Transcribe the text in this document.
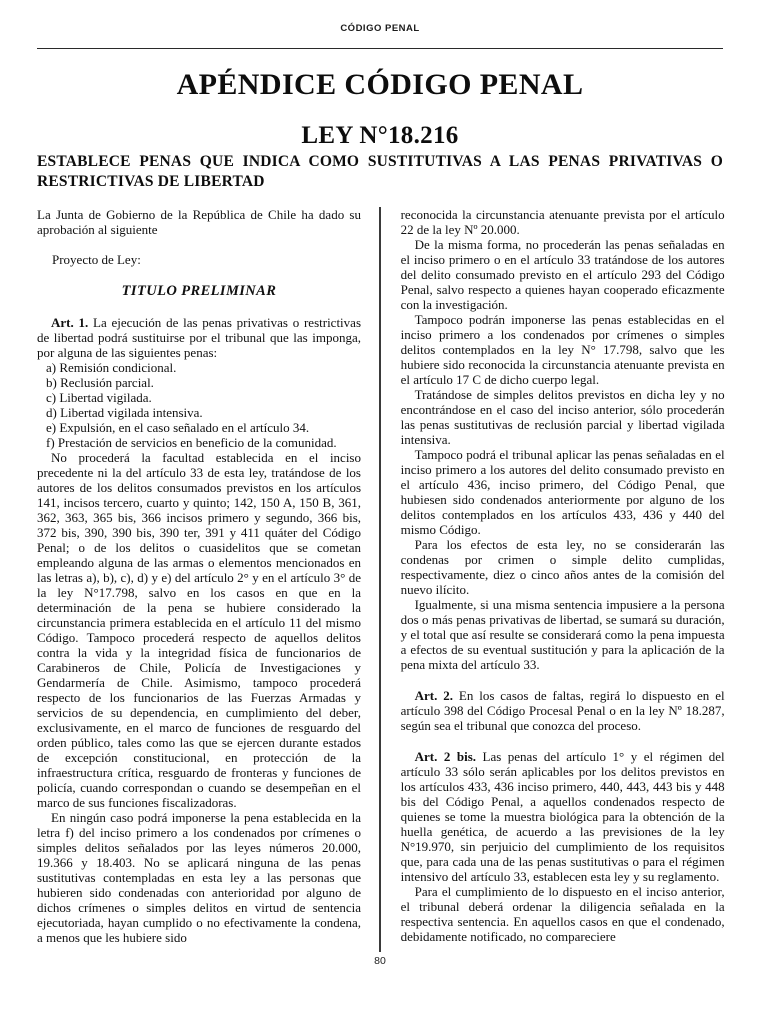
CÓDIGO PENAL
APÉNDICE CÓDIGO PENAL
LEY N°18.216
ESTABLECE PENAS QUE INDICA COMO SUSTITUTIVAS A LAS PENAS PRIVATIVAS O RESTRICTIVAS DE LIBERTAD

La Junta de Gobierno de la República de Chile ha dado su aprobación al siguiente

Proyecto de Ley:

TITULO PRELIMINAR

Art. 1. La ejecución de las penas privativas o restrictivas de libertad podrá sustituirse por el tribunal que las imponga, por alguna de las siguientes penas:

a) Remisión condicional.

b) Reclusión parcial.

c) Libertad vigilada.

d) Libertad vigilada intensiva.

e) Expulsión, en el caso señalado en el artículo 34.

f) Prestación de servicios en beneficio de la comunidad.

No procederá la facultad establecida en el inciso precedente ni la del artículo 33 de esta ley, tratándose de los autores de los delitos consumados previstos en los artículos 141, incisos tercero, cuarto y quinto; 142, 150 A, 150 B, 361, 362, 363, 365 bis, 366 incisos primero y segundo, 366 bis, 372 bis, 390, 390 bis, 390 ter, 391 y 411 quáter del Código Penal; o de los delitos o cuasidelitos que se cometan empleando alguna de las armas o elementos mencionados en las letras a), b), c), d) y e) del artículo 2° y en el artículo 3° de la ley N°17.798, salvo en los casos en que en la determinación de la pena se hubiere considerado la circunstancia primera establecida en el artículo 11 del mismo Código. Tampoco procederá respecto de aquellos delitos contra la vida y la integridad física de funcionarios de Carabineros de Chile, Policía de Investigaciones y Gendarmería de Chile. Asimismo, tampoco procederá respecto de los funcionarios de las Fuerzas Armadas y servicios de su dependencia, en cumplimiento del deber, exclusivamente, en el marco de funciones de resguardo del orden público, tales como las que se ejercen durante estados de excepción constitucional, en protección de la infraestructura crítica, resguardo de fronteras y funciones de policía, cuando correspondan o cuando se desempeñan en el marco de sus funciones fiscalizadoras.

En ningún caso podrá imponerse la pena establecida en la letra f) del inciso primero a los condenados por crímenes o simples delitos señalados por las leyes números 20.000, 19.366 y 18.403. No se aplicará ninguna de las penas sustitutivas contempladas en esta ley a las personas que hubieren sido condenadas con anterioridad por alguno de dichos crímenes o simples delitos en virtud de sentencia ejecutoriada, hayan cumplido o no efectivamente la condena, a menos que les hubiere sido

reconocida la circunstancia atenuante prevista por el artículo 22 de la ley Nº 20.000.

De la misma forma, no procederán las penas señaladas en el inciso primero o en el artículo 33 tratándose de los autores del delito consumado previsto en el artículo 293 del Código Penal, salvo respecto a quienes hayan cooperado eficazmente con la investigación.

Tampoco podrán imponerse las penas establecidas en el inciso primero a los condenados por crímenes o simples delitos contemplados en la ley N° 17.798, salvo que les hubiere sido reconocida la circunstancia atenuante prevista en el artículo 17 C de dicho cuerpo legal.

Tratándose de simples delitos previstos en dicha ley y no encontrándose en el caso del inciso anterior, sólo procederán las penas sustitutivas de reclusión parcial y libertad vigilada intensiva.

Tampoco podrá el tribunal aplicar las penas señaladas en el inciso primero a los autores del delito consumado previsto en el artículo 436, inciso primero, del Código Penal, que hubiesen sido condenados anteriormente por alguno de los delitos contemplados en los artículos 433, 436 y 440 del mismo Código.

Para los efectos de esta ley, no se considerarán las condenas por crimen o simple delito cumplidas, respectivamente, diez o cinco años antes de la comisión del nuevo ilícito.

Igualmente, si una misma sentencia impusiere a la persona dos o más penas privativas de libertad, se sumará su duración, y el total que así resulte se considerará como la pena impuesta a efectos de su eventual sustitución y para la aplicación de la pena mixta del artículo 33.

Art. 2. En los casos de faltas, regirá lo dispuesto en el artículo 398 del Código Procesal Penal o en la ley Nº 18.287, según sea el tribunal que conozca del proceso.

Art. 2 bis. Las penas del artículo 1° y el régimen del artículo 33 sólo serán aplicables por los delitos previstos en los artículos 433, 436 inciso primero, 440, 443, 443 bis y 448 bis del Código Penal, a aquellos condenados respecto de quienes se tome la muestra biológica para la obtención de la huella genética, de acuerdo a las previsiones de la ley N°19.970, sin perjuicio del cumplimiento de los requisitos que, para cada una de las penas sustitutivas o para el régimen intensivo del artículo 33, establecen esta ley y su reglamento.

Para el cumplimiento de lo dispuesto en el inciso anterior, el tribunal deberá ordenar la diligencia señalada en la respectiva sentencia. En aquellos casos en que el condenado, debidamente notificado, no compareciere

80
